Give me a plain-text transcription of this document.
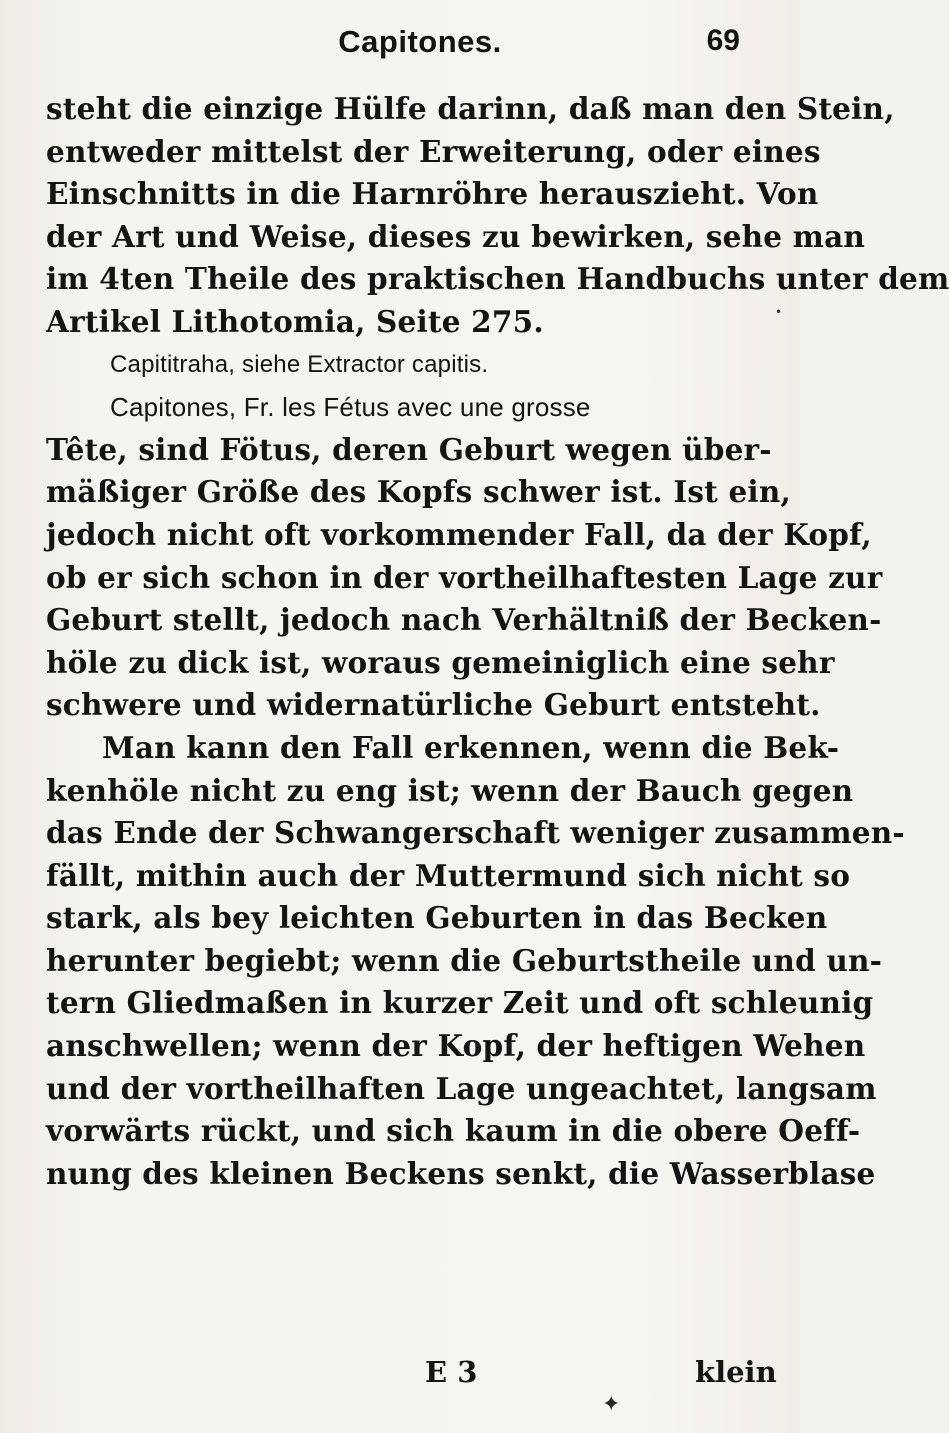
Capitones.	69
steht die einzige Hülfe darinn, daß man den Stein,
entweder mittelst der Erweiterung, oder eines
Einschnitts in die Harnröhre herauszieht. Von
der Art und Weise, dieses zu bewirken, sehe man
im 4ten Theile des praktischen Handbuchs unter dem
Artikel Lithotomia, Seite 275.
Capititraha, siehe Extractor capitis.
Capitones, Fr. les Fétus avec une grosse
Tête, sind Fötus, deren Geburt wegen über-
mäßiger Größe des Kopfs schwer ist. Ist ein,
jedoch nicht oft vorkommender Fall, da der Kopf,
ob er sich schon in der vortheilhaftesten Lage zur
Geburt stellt, jedoch nach Verhältniß der Becken-
höle zu dick ist, woraus gemeiniglich eine sehr
schwere und widernatürliche Geburt entsteht.
Man kann den Fall erkennen, wenn die Bek-
kenhöle nicht zu eng ist; wenn der Bauch gegen
das Ende der Schwangerschaft weniger zusammen-
fällt, mithin auch der Muttermund sich nicht so
stark, als bey leichten Geburten in das Becken
herunter begiebt; wenn die Geburtstheile und un-
tern Gliedmaßen in kurzer Zeit und oft schleunig
anschwellen; wenn der Kopf, der heftigen Wehen
und der vortheilhaften Lage ungeachtet, langsam
vorwärts rückt, und sich kaum in die obere Oeff-
nung des kleinen Beckens senkt, die Wasserblase
E 3	klein
✦
•
